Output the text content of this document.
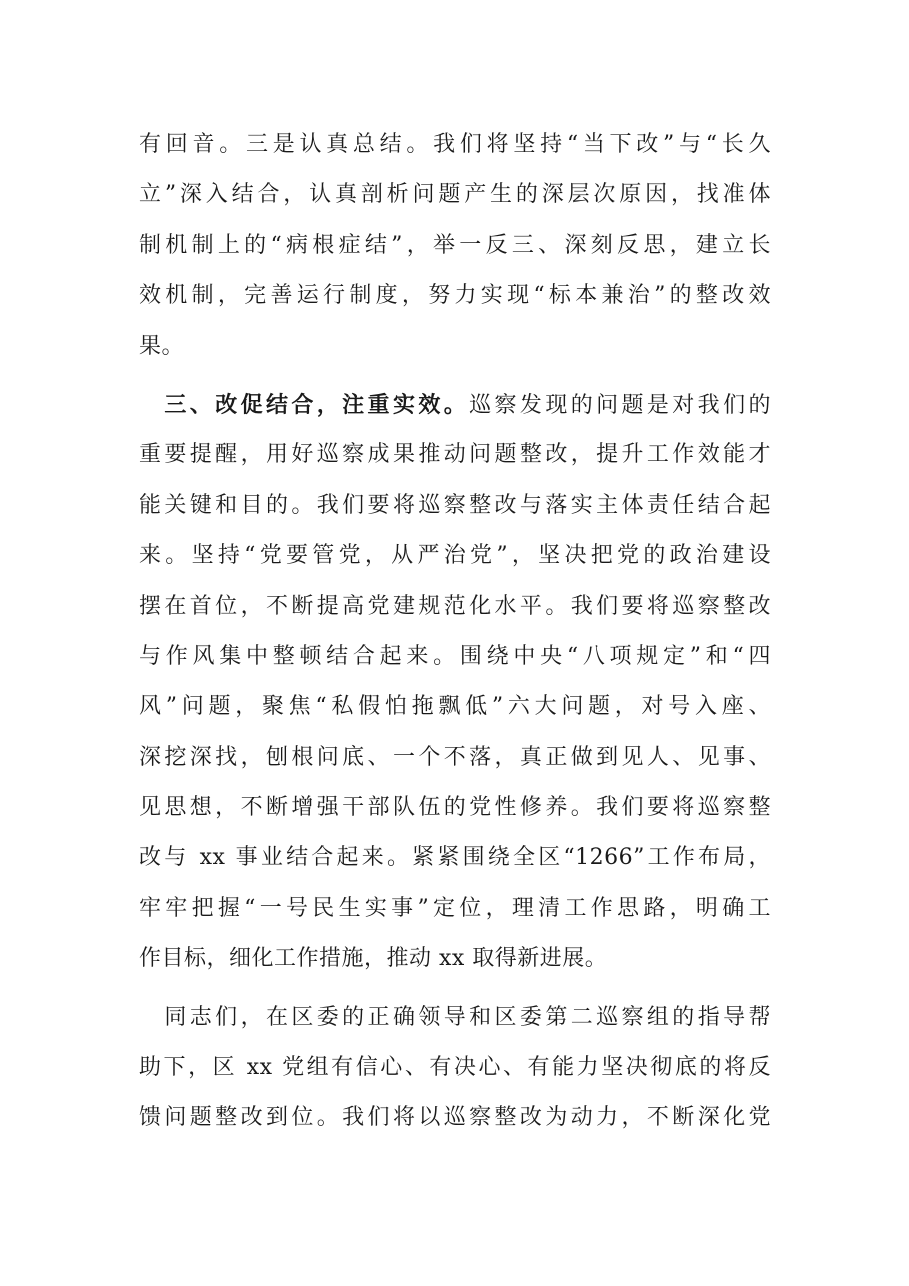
有回音。三是认真总结。我们将坚持“当下改”与“长久
立”深入结合，认真剖析问题产生的深层次原因，找准体
制机制上的“病根症结”，举一反三、深刻反思，建立长
效机制，完善运行制度，努力实现“标本兼治”的整改效
果。
　三、改促结合，注重实效。巡察发现的问题是对我们的
重要提醒，用好巡察成果推动问题整改，提升工作效能才
能关键和目的。我们要将巡察整改与落实主体责任结合起
来。坚持“党要管党，从严治党”，坚决把党的政治建设
摆在首位，不断提高党建规范化水平。我们要将巡察整改
与作风集中整顿结合起来。围绕中央“八项规定”和“四
风”问题，聚焦“私假怕拖飘低”六大问题，对号入座、
深挖深找，刨根问底、一个不落，真正做到见人、见事、
见思想，不断增强干部队伍的党性修养。我们要将巡察整
改与 xx 事业结合起来。紧紧围绕全区“1266”工作布局，
牢牢把握“一号民生实事”定位，理清工作思路，明确工
作目标，细化工作措施，推动 xx 取得新进展。
　同志们，在区委的正确领导和区委第二巡察组的指导帮
助下，区 xx 党组有信心、有决心、有能力坚决彻底的将反
馈问题整改到位。我们将以巡察整改为动力，不断深化党
